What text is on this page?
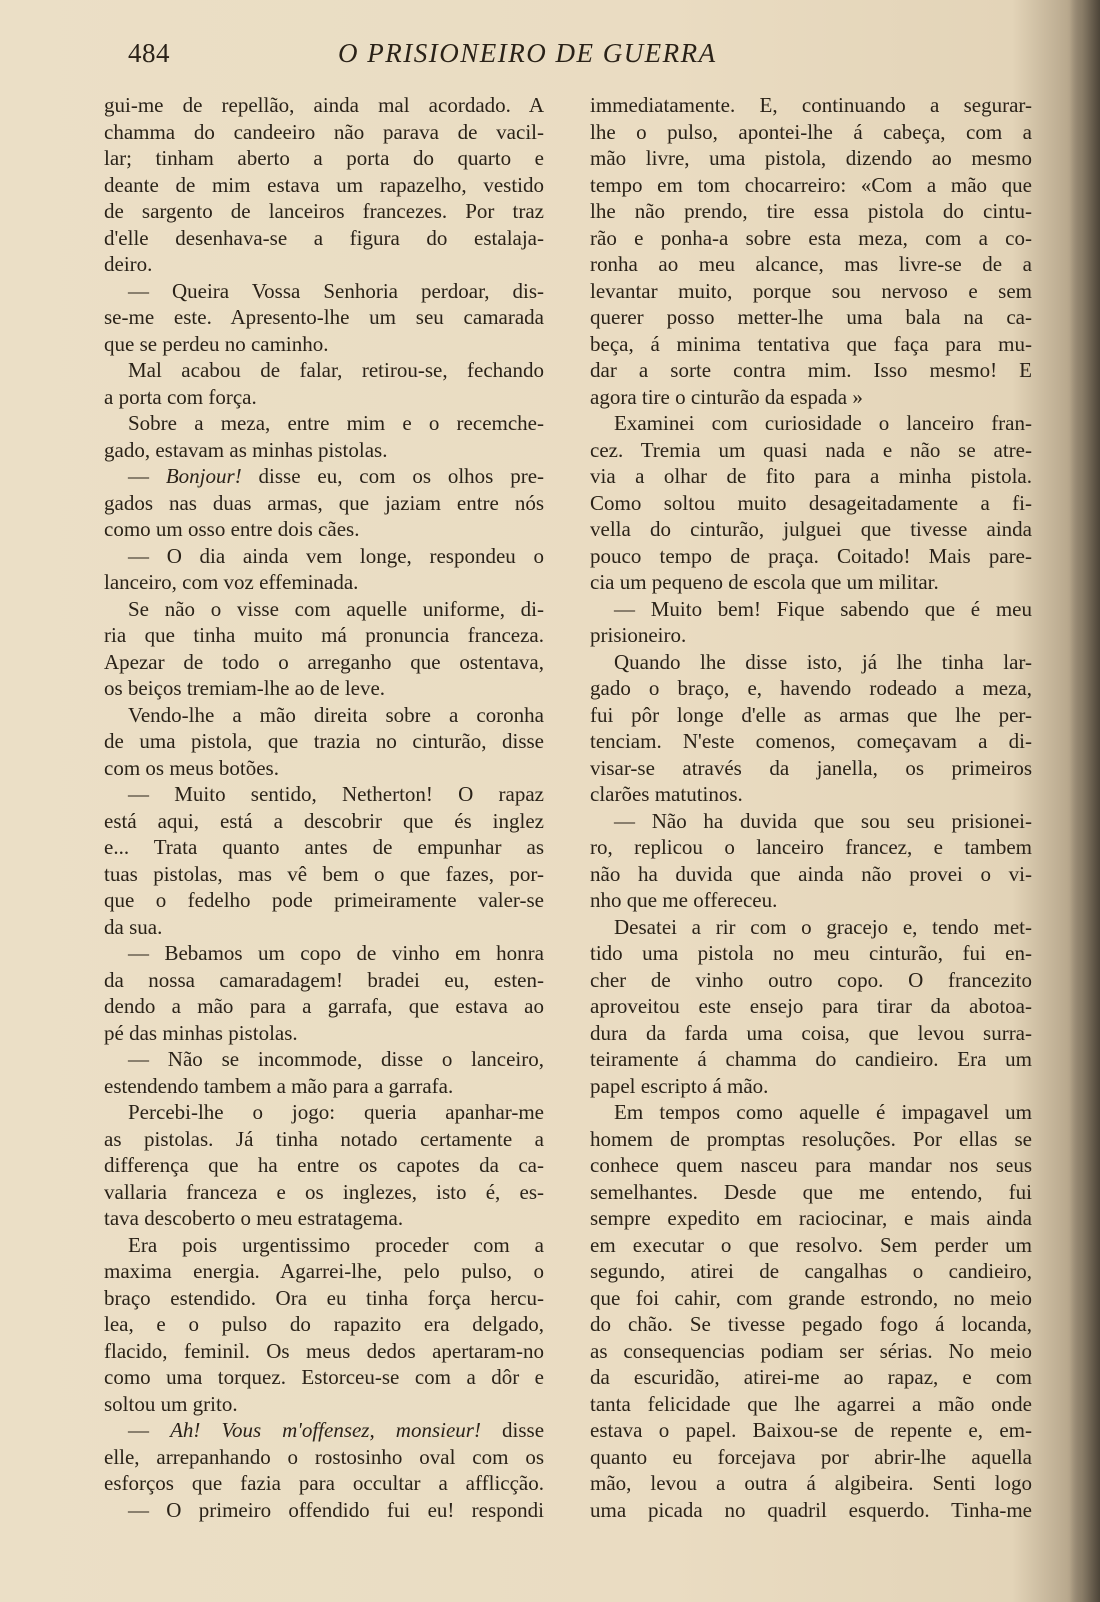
484	O PRISIONEIRO DE GUERRA
gui-me de repellão, ainda mal acordado. A
chamma do candeeiro não parava de vacil-
lar; tinham aberto a porta do quarto e
deante de mim estava um rapazelho, vestido
de sargento de lanceiros francezes. Por traz
d'elle desenhava-se a figura do estalaja-
deiro.
— Queira Vossa Senhoria perdoar, dis-
se-me este. Apresento-lhe um seu camarada
que se perdeu no caminho.
Mal acabou de falar, retirou-se, fechando
a porta com força.
Sobre a meza, entre mim e o recemche-
gado, estavam as minhas pistolas.
— Bonjour! disse eu, com os olhos pre-
gados nas duas armas, que jaziam entre nós
como um osso entre dois cães.
— O dia ainda vem longe, respondeu o
lanceiro, com voz effeminada.
Se não o visse com aquelle uniforme, di-
ria que tinha muito má pronuncia franceza.
Apezar de todo o arreganho que ostentava,
os beiços tremiam-lhe ao de leve.
Vendo-lhe a mão direita sobre a coronha
de uma pistola, que trazia no cinturão, disse
com os meus botões.
— Muito sentido, Netherton! O rapaz
está aqui, está a descobrir que és inglez
e... Trata quanto antes de empunhar as
tuas pistolas, mas vê bem o que fazes, por-
que o fedelho pode primeiramente valer-se
da sua.
— Bebamos um copo de vinho em honra
da nossa camaradagem! bradei eu, esten-
dendo a mão para a garrafa, que estava ao
pé das minhas pistolas.
— Não se incommode, disse o lanceiro,
estendendo tambem a mão para a garrafa.
Percebi-lhe o jogo: queria apanhar-me
as pistolas. Já tinha notado certamente a
differença que ha entre os capotes da ca-
vallaria franceza e os inglezes, isto é, es-
tava descoberto o meu estratagema.
Era pois urgentissimo proceder com a
maxima energia. Agarrei-lhe, pelo pulso, o
braço estendido. Ora eu tinha força hercu-
lea, e o pulso do rapazito era delgado,
flacido, feminil. Os meus dedos apertaram-no
como uma torquez. Estorceu-se com a dôr e
soltou um grito.
— Ah! Vous m'offensez, monsieur! disse
elle, arrepanhando o rostosinho oval com os
esforços que fazia para occultar a afflicção.
— O primeiro offendido fui eu! respondi
immediatamente. E, continuando a segurar-
lhe o pulso, apontei-lhe á cabeça, com a
mão livre, uma pistola, dizendo ao mesmo
tempo em tom chocarreiro: «Com a mão que
lhe não prendo, tire essa pistola do cintu-
rão e ponha-a sobre esta meza, com a co-
ronha ao meu alcance, mas livre-se de a
levantar muito, porque sou nervoso e sem
querer posso metter-lhe uma bala na ca-
beça, á minima tentativa que faça para mu-
dar a sorte contra mim. Isso mesmo! E
agora tire o cinturão da espada »
Examinei com curiosidade o lanceiro fran-
cez. Tremia um quasi nada e não se atre-
via a olhar de fito para a minha pistola.
Como soltou muito desageitadamente a fi-
vella do cinturão, julguei que tivesse ainda
pouco tempo de praça. Coitado! Mais pare-
cia um pequeno de escola que um militar.
— Muito bem! Fique sabendo que é meu
prisioneiro.
Quando lhe disse isto, já lhe tinha lar-
gado o braço, e, havendo rodeado a meza,
fui pôr longe d'elle as armas que lhe per-
tenciam. N'este comenos, começavam a di-
visar-se através da janella, os primeiros
clarões matutinos.
— Não ha duvida que sou seu prisionei-
ro, replicou o lanceiro francez, e tambem
não ha duvida que ainda não provei o vi-
nho que me offereceu.
Desatei a rir com o gracejo e, tendo met-
tido uma pistola no meu cinturão, fui en-
cher de vinho outro copo. O francezito
aproveitou este ensejo para tirar da abotoa-
dura da farda uma coisa, que levou surra-
teiramente á chamma do candieiro. Era um
papel escripto á mão.
Em tempos como aquelle é impagavel um
homem de promptas resoluções. Por ellas se
conhece quem nasceu para mandar nos seus
semelhantes. Desde que me entendo, fui
sempre expedito em raciocinar, e mais ainda
em executar o que resolvo. Sem perder um
segundo, atirei de cangalhas o candieiro,
que foi cahir, com grande estrondo, no meio
do chão. Se tivesse pegado fogo á locanda,
as consequencias podiam ser sérias. No meio
da escuridão, atirei-me ao rapaz, e com
tanta felicidade que lhe agarrei a mão onde
estava o papel. Baixou-se de repente e, em-
quanto eu forcejava por abrir-lhe aquella
mão, levou a outra á algibeira. Senti logo
uma picada no quadril esquerdo. Tinha-me
